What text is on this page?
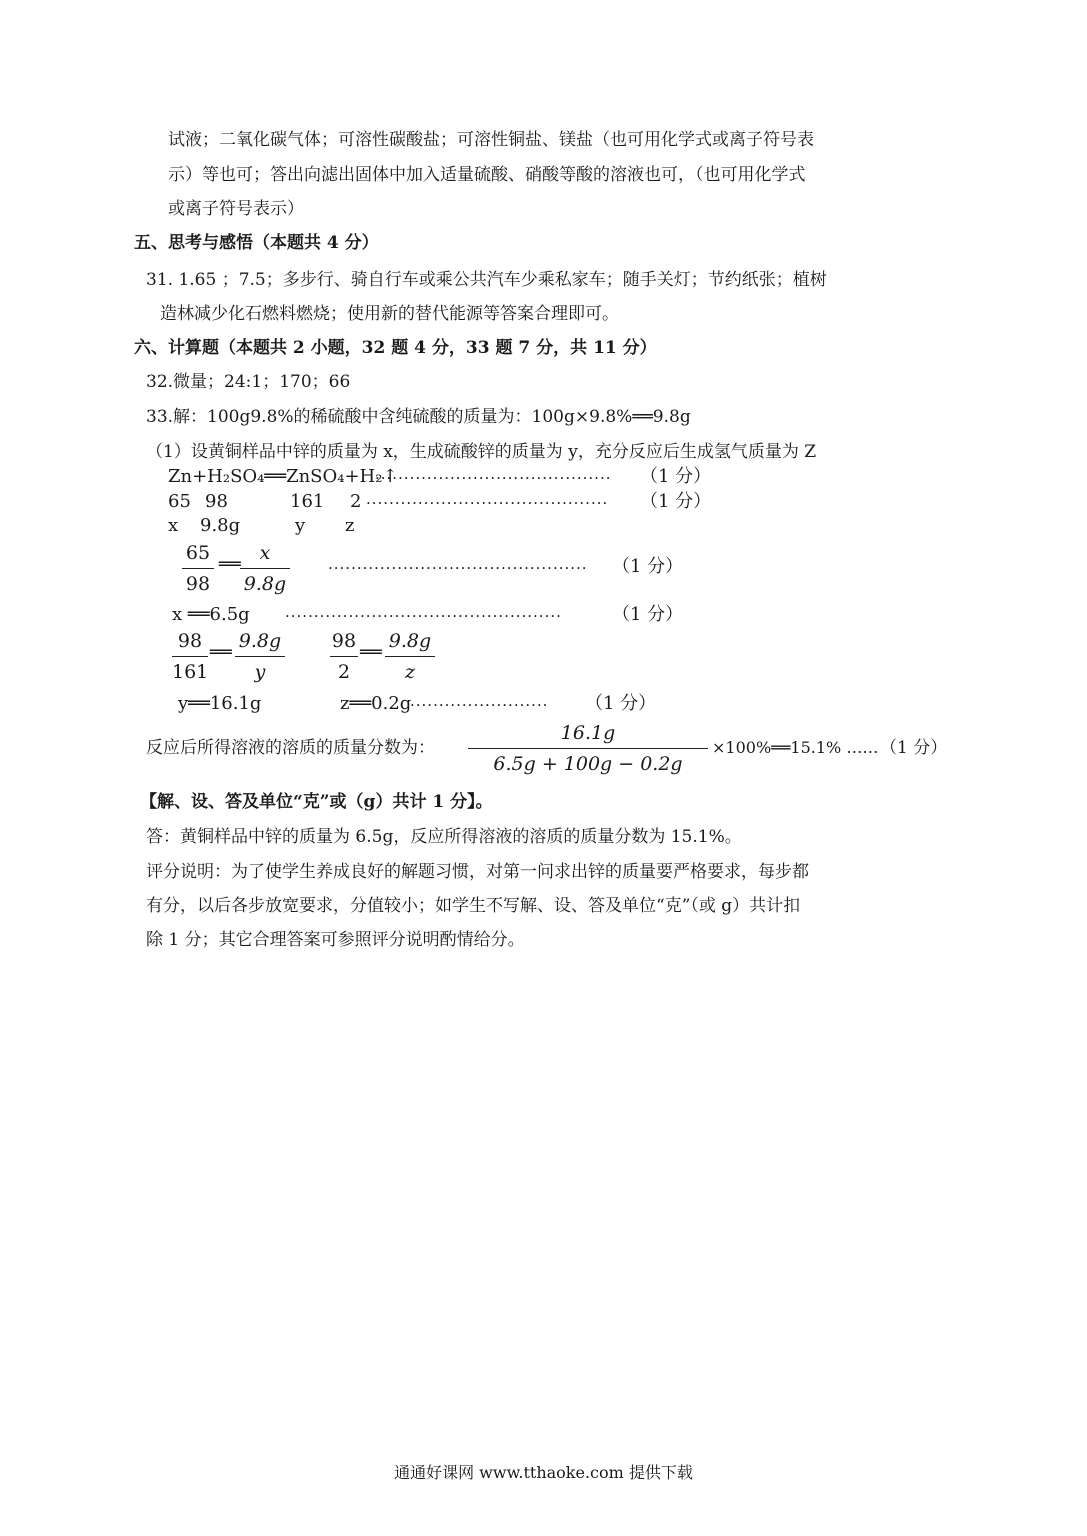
试液；二氧化碳气体；可溶性碳酸盐；可溶性铜盐、镁盐（也可用化学式或离子符号表
示）等也可；答出向滤出固体中加入适量硫酸、硝酸等酸的溶液也可，（也可用化学式
或离子符号表示）
五、思考与感悟（本题共 4 分）
31. 1.65 ；7.5；多步行、骑自行车或乘公共汽车少乘私家车；随手关灯；节约纸张；植树
造林减少化石燃料燃烧；使用新的替代能源等答案合理即可。
六、计算题（本题共 2 小题，32 题 4 分，33 题 7 分，共 11 分）
32.微量；24:1；170；66
33.解：100g9.8%的稀硫酸中含纯硫酸的质量为：100g×9.8%══9.8g
（1）设黄铜样品中锌的质量为 x，生成硫酸锌的质量为 y，充分反应后生成氢气质量为 Z
Zn+H₂SO₄══ZnSO₄+H₂↑
········································· （1 分）
65 98	161 2 ·········································· （1 分）
x 9.8g	y z
65
98
══
x
9.8g
············································· （1 分）
x ══6.5g ················································	（1 分）
98
161
══
9.8g
y
98
2
══
9.8g
z
y══16.1g	z══0.2g
························ （1 分）
反应后所得溶液的溶质的质量分数为：
16.1g
6.5g + 100g − 0.2g
×100%══15.1% …… （1 分）
【解、设、答及单位“克”或（g）共计 1 分】。
答：黄铜样品中锌的质量为 6.5g，反应所得溶液的溶质的质量分数为 15.1%。
评分说明：为了使学生养成良好的解题习惯，对第一问求出锌的质量要严格要求，每步都
有分，以后各步放宽要求，分值较小；如学生不写解、设、答及单位“克”（或 g）共计扣
除 1 分；其它合理答案可参照评分说明酌情给分。
通通好课网 www.tthaoke.com 提供下载
